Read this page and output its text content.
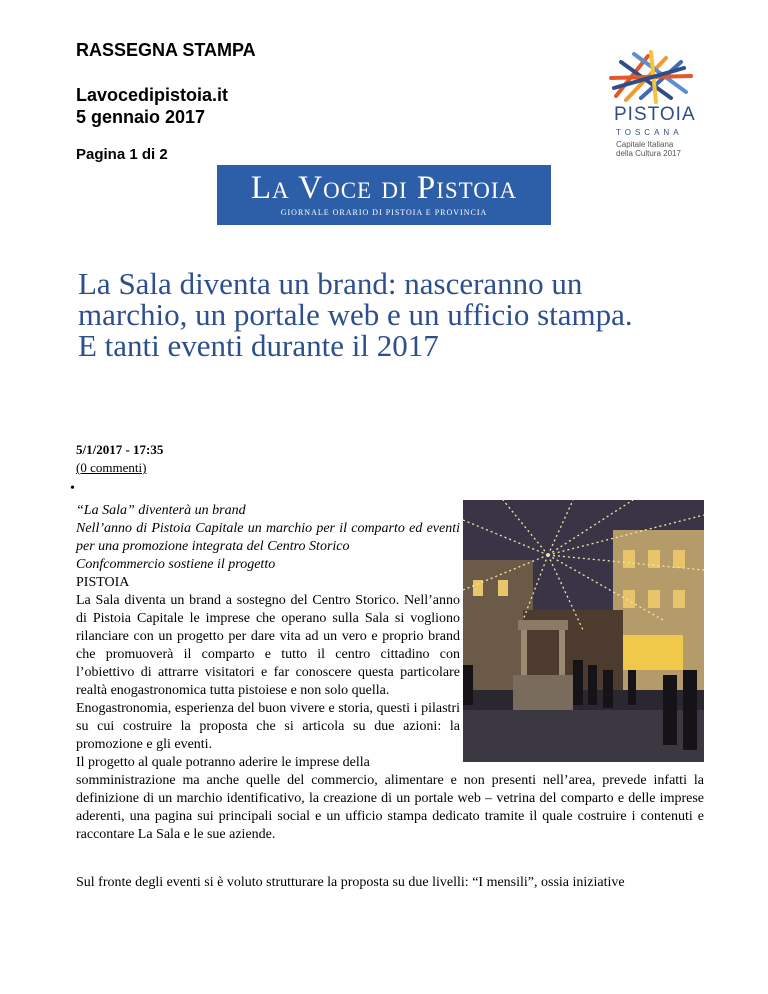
RASSEGNA STAMPA
Lavocedipistoia.it
5 gennaio 2017
Pagina 1 di 2
PISTOIA
TOSCANA
Capitale Italiana
della Cultura 2017
La Voce di Pistoia
GIORNALE ORARIO DI PISTOIA E PROVINCIA
La Sala diventa un brand: nasceranno un marchio, un portale web e un ufficio stampa. E tanti eventi durante il 2017
5/1/2017 - 17:35
(0 commenti)
•

“La Sala” diventerà un brand

Nell’anno di Pistoia Capitale un marchio per il comparto ed eventi per una promozione integrata del Centro Storico

Confcommercio sostiene il progetto

PISTOIA

La Sala diventa un brand a sostegno del Centro Storico. Nell’anno di Pistoia Capitale le imprese che operano sulla Sala si vogliono rilanciare con un progetto per dare vita ad un vero e proprio brand che promuoverà il comparto e tutto il centro cittadino con l’obiettivo di attrarre visitatori e far conoscere questa particolare realtà enogastronomica tutta pistoiese e non solo quella.

Enogastronomia, esperienza del buon vivere e storia, questi i pilastri su cui costruire la proposta che si articola su due azioni: la promozione e gli eventi.

Il progetto al quale potranno aderire le imprese della

somministrazione ma anche quelle del commercio, alimentare e non presenti nell’area, prevede infatti la definizione di un marchio identificativo, la creazione di un portale web – vetrina del comparto e delle imprese aderenti, una pagina sui principali social e un ufficio stampa dedicato tramite il quale costruire i contenuti e raccontare La Sala e le sue aziende.

Sul fronte degli eventi si è voluto strutturare la proposta su due livelli: “I mensili”, ossia iniziative
